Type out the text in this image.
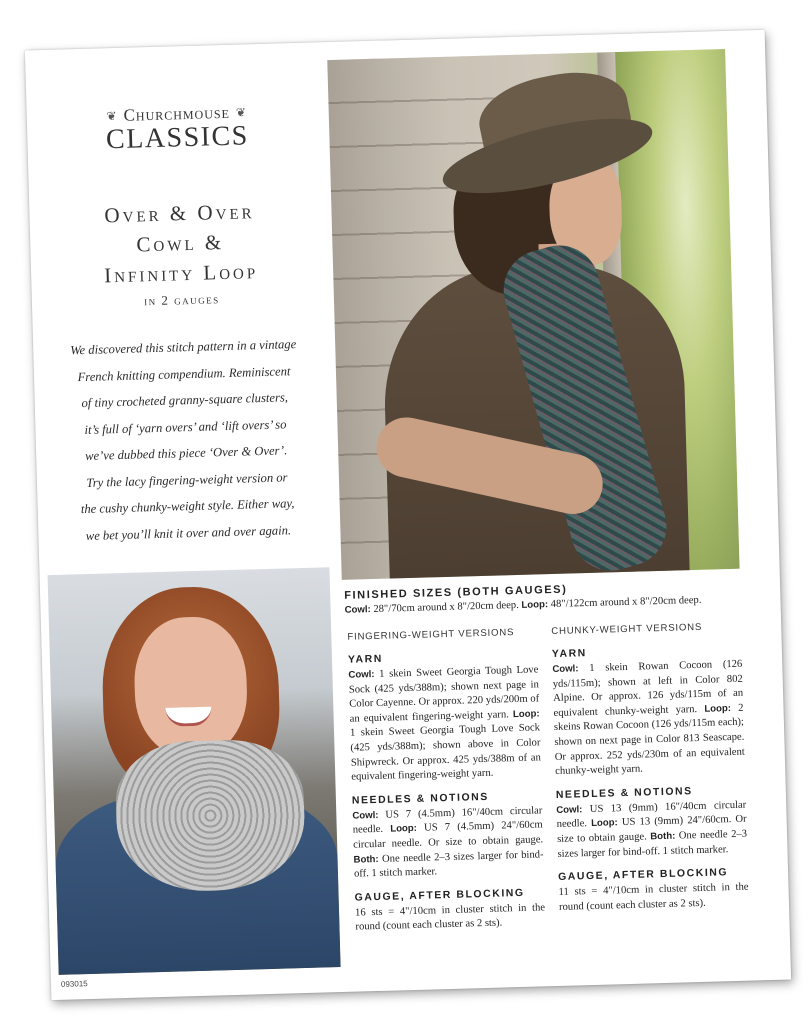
❦ Churchmouse ❦
CLASSICS
Over & Over
Cowl &
Infinity Loop
in 2 gauges
We discovered this stitch pattern in a vintage
French knitting compendium. Reminiscent
of tiny crocheted granny-square clusters,
it’s full of ‘yarn overs’ and ‘lift overs’ so
we’ve dubbed this piece ‘Over & Over’.
Try the lacy fingering-weight version or
the cushy chunky-weight style. Either way,
we bet you’ll knit it over and over again.
FINISHED SIZES (BOTH GAUGES)
Cowl: 28"/70cm around x 8"/20cm deep. Loop: 48"/122cm around x 8"/20cm deep.
FINGERING-WEIGHT VERSIONS
YARN

Cowl: 1 skein Sweet Georgia Tough Love Sock (425 yds/388m); shown next page in Color Cayenne. Or approx. 220 yds/200m of an equivalent fingering-weight yarn. Loop: 1 skein Sweet Georgia Tough Love Sock (425 yds/388m); shown above in Color Shipwreck. Or approx. 425 yds/388m of an equivalent fingering-weight yarn.

NEEDLES & NOTIONS

Cowl: US 7 (4.5mm) 16"/40cm circular needle. Loop: US 7 (4.5mm) 24"/60cm circular needle. Or size to obtain gauge. Both: One needle 2–3 sizes larger for bind-off. 1 stitch marker.

GAUGE, AFTER BLOCKING
16 sts = 4"/10cm in cluster stitch in the round (count each cluster as 2 sts).
CHUNKY-WEIGHT VERSIONS
YARN

Cowl: 1 skein Rowan Cocoon (126 yds/115m); shown at left in Color 802 Alpine. Or approx. 126 yds/115m of an equivalent chunky-weight yarn. Loop: 2 skeins Rowan Cocoon (126 yds/115m each); shown on next page in Color 813 Seascape. Or approx. 252 yds/230m of an equivalent chunky-weight yarn.

NEEDLES & NOTIONS

Cowl: US 13 (9mm) 16"/40cm circular needle. Loop: US 13 (9mm) 24"/60cm. Or size to obtain gauge. Both: One needle 2–3 sizes larger for bind-off. 1 stitch marker.

GAUGE, AFTER BLOCKING
11 sts = 4"/10cm in cluster stitch in the round (count each cluster as 2 sts).
093015
